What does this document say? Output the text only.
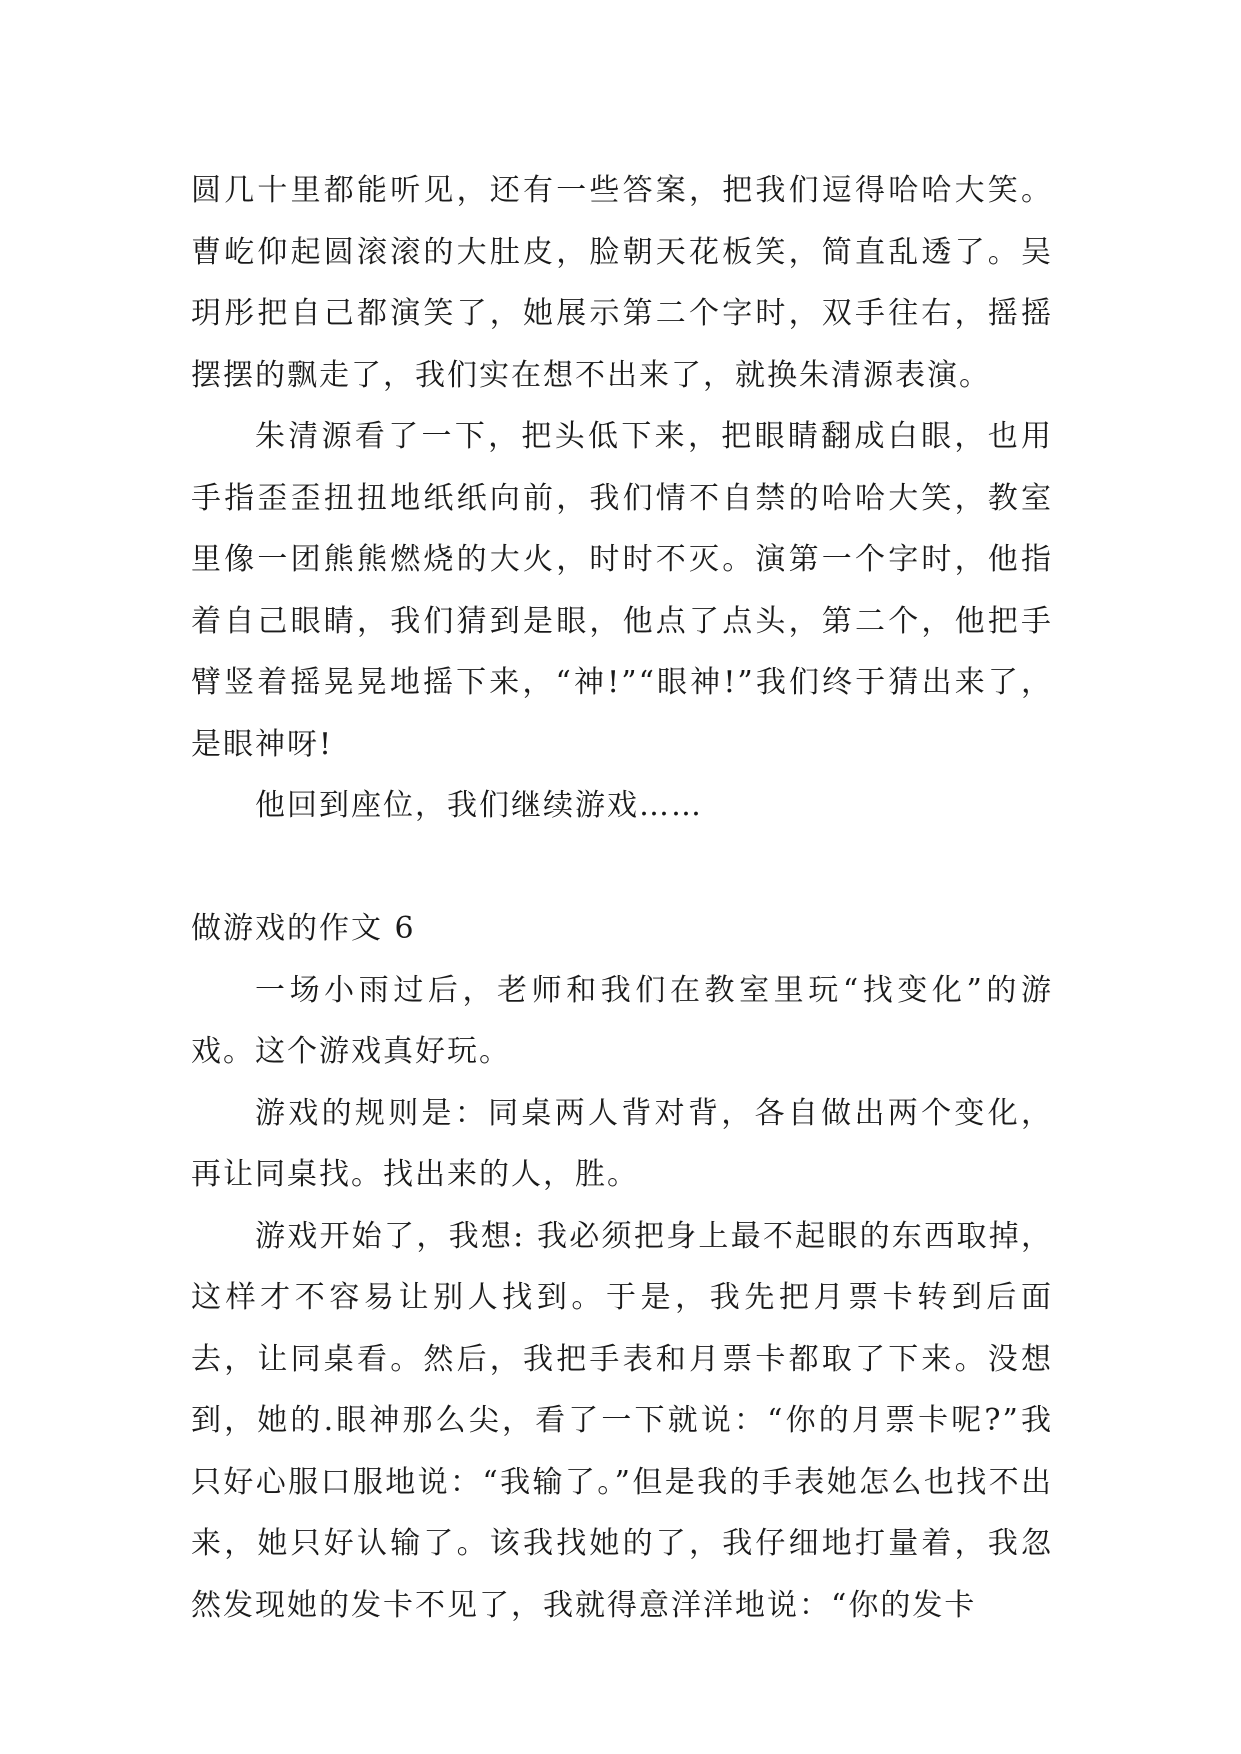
圆几十里都能听见，还有一些答案，把我们逗得哈哈大笑。曹屹仰起圆滚滚的大肚皮，脸朝天花板笑，简直乱透了。吴玥彤把自己都演笑了，她展示第二个字时，双手往右，摇摇摆摆的飘走了，我们实在想不出来了，就换朱清源表演。

朱清源看了一下，把头低下来，把眼睛翻成白眼，也用手指歪歪扭扭地纸纸向前，我们情不自禁的哈哈大笑，教室里像一团熊熊燃烧的大火，时时不灭。演第一个字时，他指着自己眼睛，我们猜到是眼，他点了点头，第二个，他把手臂竖着摇晃晃地摇下来，“神!”“眼神!”我们终于猜出来了，是眼神呀!

他回到座位，我们继续游戏……

做游戏的作文 6

一场小雨过后，老师和我们在教室里玩“找变化”的游戏。这个游戏真好玩。

游戏的规则是：同桌两人背对背，各自做出两个变化，再让同桌找。找出来的人，胜。

游戏开始了，我想: 我必须把身上最不起眼的东西取掉，这样才不容易让别人找到。于是，我先把月票卡转到后面去，让同桌看。然后，我把手表和月票卡都取了下来。没想到，她的.眼神那么尖，看了一下就说：“你的月票卡呢?”我只好心服口服地说：“我输了。”但是我的手表她怎么也找不出来，她只好认输了。该我找她的了，我仔细地打量着，我忽然发现她的发卡不见了，我就得意洋洋地说：“你的发卡
